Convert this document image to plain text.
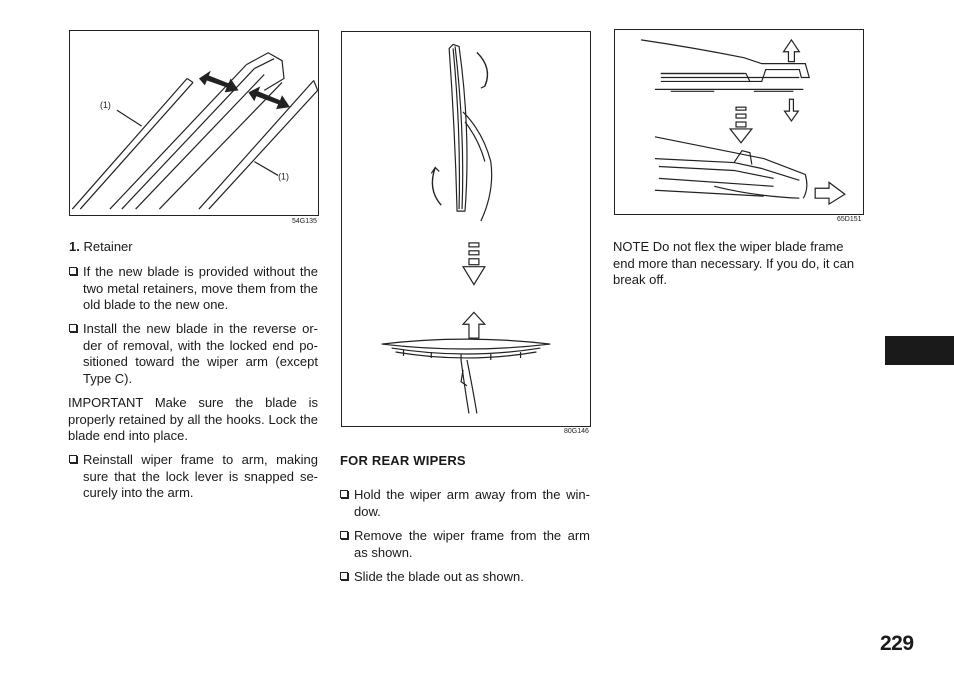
(1)
(1)
54G135
80G146
65D151
1. Retainer
If the new blade is provided without the two metal retainers, move them from the old blade to the new one.
Install the new blade in the reverse or-der of removal, with the locked end po-sitioned toward the wiper arm (except Type C).
IMPORTANT Make sure the blade is properly retained by all the hooks. Lock the blade end into place.
Reinstall wiper frame to arm, making sure that the lock lever is snapped se-curely into the arm.
FOR REAR WIPERS
Hold the wiper arm away from the win-dow.
Remove the wiper frame from the arm as shown.
Slide the blade out as shown.
NOTE Do not flex the wiper blade frame end more than necessary. If you do, it can break off.
229
